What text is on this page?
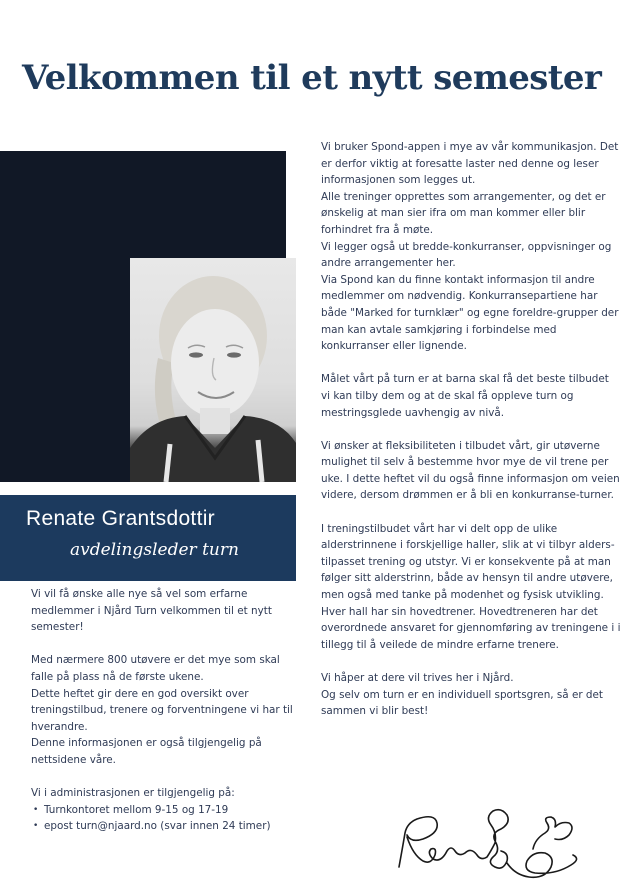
Velkommen til et nytt semester
Renate Grantsdottir
avdelingsleder turn

Vi vil få ønske alle nye så vel som erfarne medlemmer i Njård Turn velkommen til et nytt semester!

Med nærmere 800 utøvere er det mye som skal falle på plass nå de første ukene.

Dette heftet gir dere en god oversikt over treningstilbud, trenere og forventningene vi har til hverandre.

Denne informasjonen er også tilgjengelig på nettsidene våre.

Vi i administrasjonen er tilgjengelig på:

• Turnkontoret mellom 9-15 og 17-19
• epost turn@njaard.no (svar innen 24 timer)

Vi bruker Spond-appen i mye av vår kommunikasjon. Det er derfor viktig at foresatte laster ned denne og leser informasjonen som legges ut.

Alle treninger opprettes som arrangementer, og det er ønskelig at man sier ifra om man kommer eller blir forhindret fra å møte.

Vi legger også ut bredde-konkurranser, oppvisninger og andre arrangementer her.

Via Spond kan du finne kontakt informasjon til andre medlemmer om nødvendig. Konkurransepartiene har både "Marked for turnklær" og egne foreldre-grupper der man kan avtale samkjøring i forbindelse med konkurranser eller lignende.

Målet vårt på turn er at barna skal få det beste tilbudet vi kan tilby dem og at de skal få oppleve turn og mestringsglede uavhengig av nivå.

Vi ønsker at fleksibiliteten i tilbudet vårt, gir utøverne mulighet til selv å bestemme hvor mye de vil trene per uke. I dette heftet vil du også finne informasjon om veien videre, dersom drømmen er å bli en konkurranse-turner.

I treningstilbudet vårt har vi delt opp de ulike alderstrinnene i forskjellige haller, slik at vi tilbyr alders-tilpasset trening og utstyr. Vi er konsekvente på at man følger sitt alderstrinn, både av hensyn til andre utøvere, men også med tanke på modenhet og fysisk utvikling.

Hver hall har sin hovedtrener. Hovedtreneren har det overordnede ansvaret for gjennomføring av treningene i i tillegg til å veilede de mindre erfarne trenere.

Vi håper at dere vil trives her i Njård.

Og selv om turn er en individuell sportsgren, så er det sammen vi blir best!
